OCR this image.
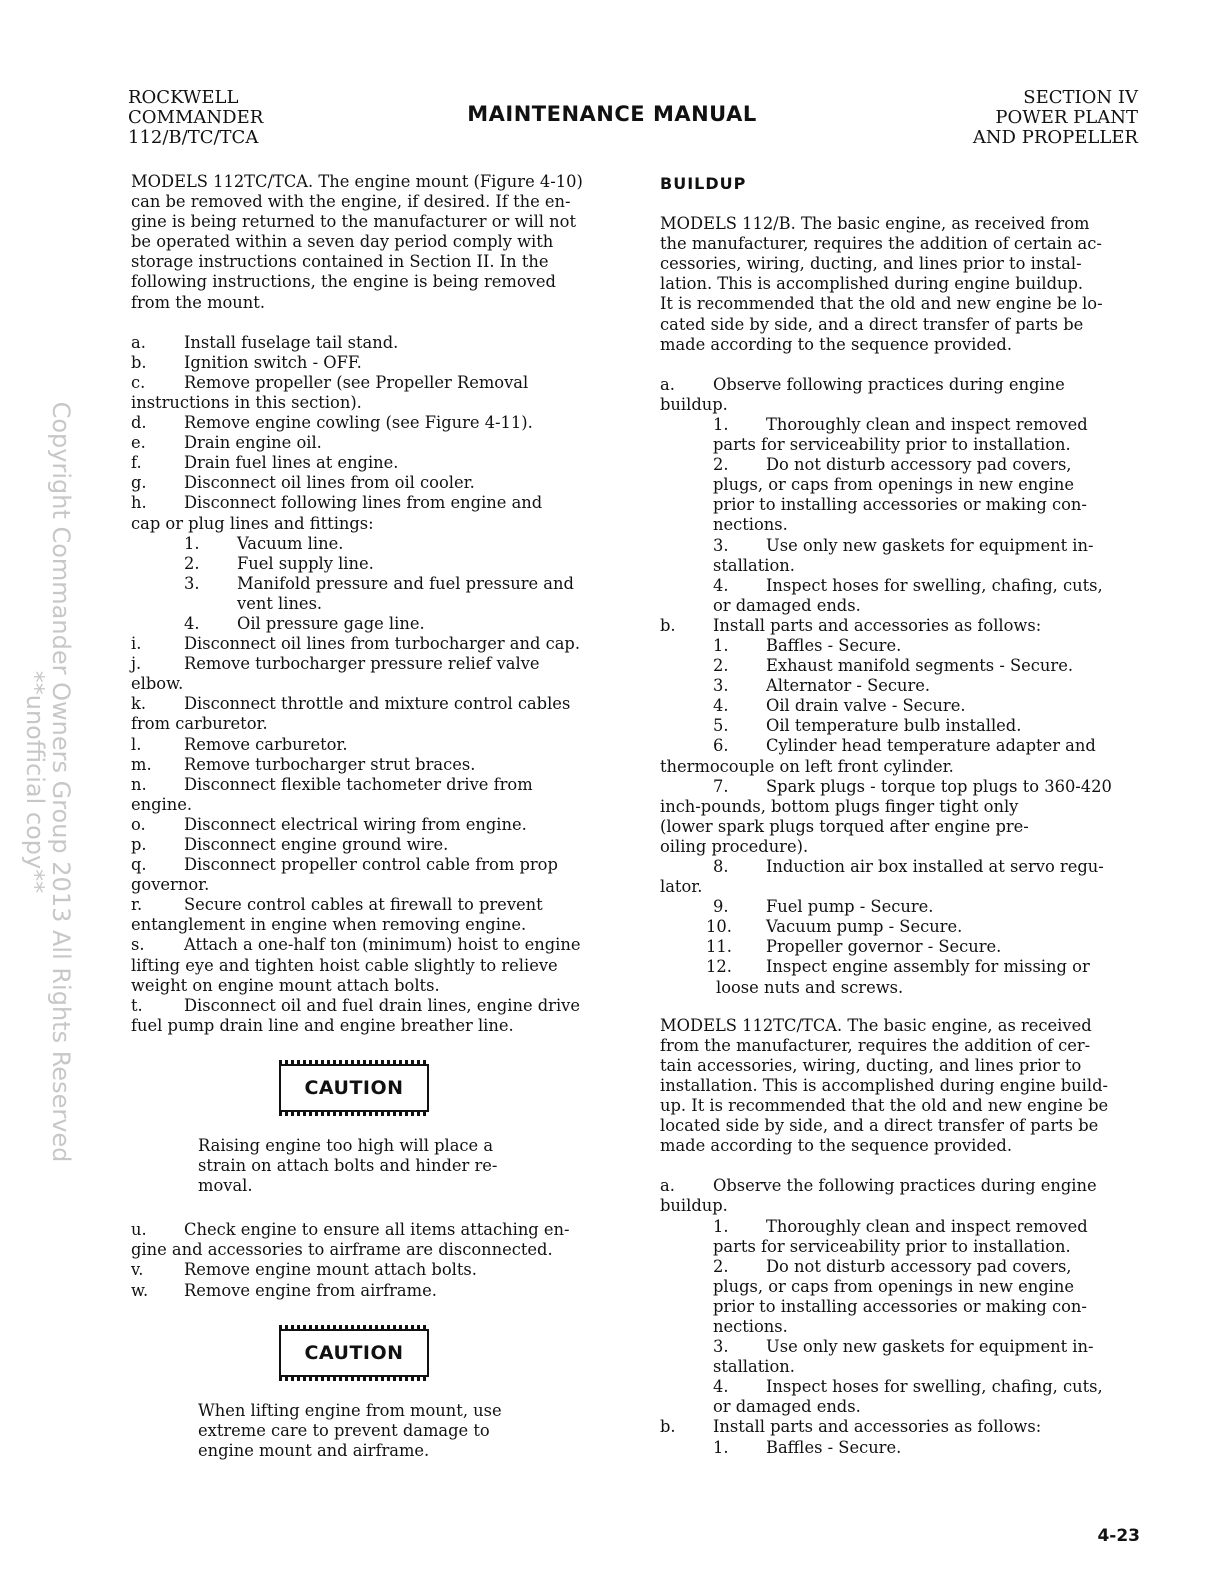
ROCKWELL
COMMANDER
112/B/TC/TCA
MAINTENANCE MANUAL
SECTION IV
POWER PLANT
AND PROPELLER
Copyright Commander Owners Group 2013 All Rights Reserved
**unofficial copy**
MODELS 112TC/TCA. The engine mount (Figure 4-10)
can be removed with the engine, if desired. If the en-
gine is being returned to the manufacturer or will not
be operated within a seven day period comply with
storage instructions contained in Section II. In the
following instructions, the engine is being removed
from the mount.
a. Install fuselage tail stand.
b. Ignition switch - OFF.
c. Remove propeller (see Propeller Removal
instructions in this section).
d. Remove engine cowling (see Figure 4-11).
e. Drain engine oil.
f.	Drain fuel lines at engine.
g. Disconnect oil lines from oil cooler.
h. Disconnect following lines from engine and
cap or plug lines and fittings:
1. Vacuum line.
2. Fuel supply line.
3. Manifold pressure and fuel pressure and
vent lines.
4. Oil pressure gage line.
i.	Disconnect oil lines from turbocharger and cap.
j.	Remove turbocharger pressure relief valve
elbow.
k. Disconnect throttle and mixture control cables
from carburetor.
l.	Remove carburetor.
m. Remove turbocharger strut braces.
n. Disconnect flexible tachometer drive from
engine.
o. Disconnect electrical wiring from engine.
p. Disconnect engine ground wire.
q. Disconnect propeller control cable from prop
governor.
r.	Secure control cables at firewall to prevent
entanglement in engine when removing engine.
s. Attach a one-half ton (minimum) hoist to engine
lifting eye and tighten hoist cable slightly to relieve
weight on engine mount attach bolts.
t.	Disconnect oil and fuel drain lines, engine drive
fuel pump drain line and engine breather line.
CAUTION
Raising engine too high will place a
strain on attach bolts and hinder re-
moval.
u. Check engine to ensure all items attaching en-
gine and accessories to airframe are disconnected.
v. Remove engine mount attach bolts.
w. Remove engine from airframe.
CAUTION
When lifting engine from mount, use
extreme care to prevent damage to
engine mount and airframe.
BUILDUP
MODELS 112/B. The basic engine, as received from
the manufacturer, requires the addition of certain ac-
cessories, wiring, ducting, and lines prior to instal-
lation. This is accomplished during engine buildup.
It is recommended that the old and new engine be lo-
cated side by side, and a direct transfer of parts be
made according to the sequence provided.
a. Observe following practices during engine
buildup.
1. Thoroughly clean and inspect removed
parts for serviceability prior to installation.
2. Do not disturb accessory pad covers,
plugs, or caps from openings in new engine
prior to installing accessories or making con-
nections.
3. Use only new gaskets for equipment in-
stallation.
4. Inspect hoses for swelling, chafing, cuts,
or damaged ends.
b. Install parts and accessories as follows:
1. Baffles - Secure.
2. Exhaust manifold segments - Secure.
3. Alternator - Secure.
4. Oil drain valve - Secure.
5. Oil temperature bulb installed.
6. Cylinder head temperature adapter and
thermocouple on left front cylinder.
7. Spark plugs - torque top plugs to 360-420
inch-pounds, bottom plugs finger tight only
(lower spark plugs torqued after engine pre-
oiling procedure).
8. Induction air box installed at servo regu-
lator.
9. Fuel pump - Secure.
10. Vacuum pump - Secure.
11. Propeller governor - Secure.
12. Inspect engine assembly for missing or
loose nuts and screws.
MODELS 112TC/TCA. The basic engine, as received
from the manufacturer, requires the addition of cer-
tain accessories, wiring, ducting, and lines prior to
installation. This is accomplished during engine build-
up. It is recommended that the old and new engine be
located side by side, and a direct transfer of parts be
made according to the sequence provided.
a. Observe the following practices during engine
buildup.
1. Thoroughly clean and inspect removed
parts for serviceability prior to installation.
2. Do not disturb accessory pad covers,
plugs, or caps from openings in new engine
prior to installing accessories or making con-
nections.
3. Use only new gaskets for equipment in-
stallation.
4. Inspect hoses for swelling, chafing, cuts,
or damaged ends.
b. Install parts and accessories as follows:
1. Baffles - Secure.
4-23
